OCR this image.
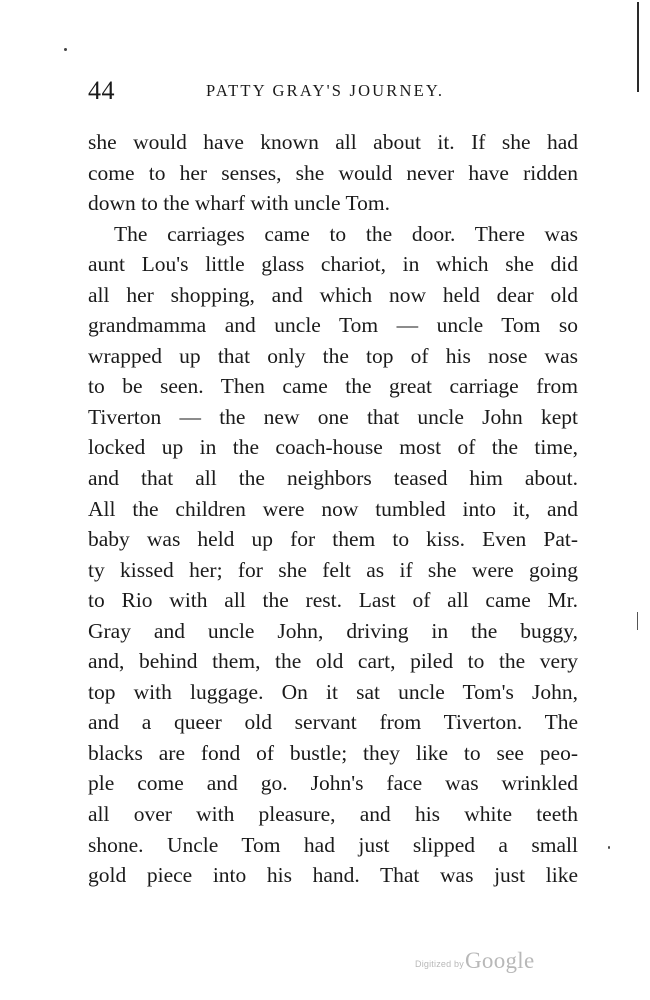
44	PATTY GRAY'S JOURNEY.
she would have known all about it. If she had
come to her senses, she would never have ridden
down to the wharf with uncle Tom.
The carriages came to the door. There was
aunt Lou's little glass chariot, in which she did
all her shopping, and which now held dear old
grandmamma and uncle Tom — uncle Tom so
wrapped up that only the top of his nose was
to be seen. Then came the great carriage from
Tiverton — the new one that uncle John kept
locked up in the coach-house most of the time,
and that all the neighbors teased him about.
All the children were now tumbled into it, and
baby was held up for them to kiss. Even Pat-
ty kissed her; for she felt as if she were going
to Rio with all the rest. Last of all came Mr.
Gray and uncle John, driving in the buggy,
and, behind them, the old cart, piled to the very
top with luggage. On it sat uncle Tom's John,
and a queer old servant from Tiverton. The
blacks are fond of bustle; they like to see peo-
ple come and go. John's face was wrinkled
all over with pleasure, and his white teeth
shone. Uncle Tom had just slipped a small
gold piece into his hand. That was just like
Digitized by Google
